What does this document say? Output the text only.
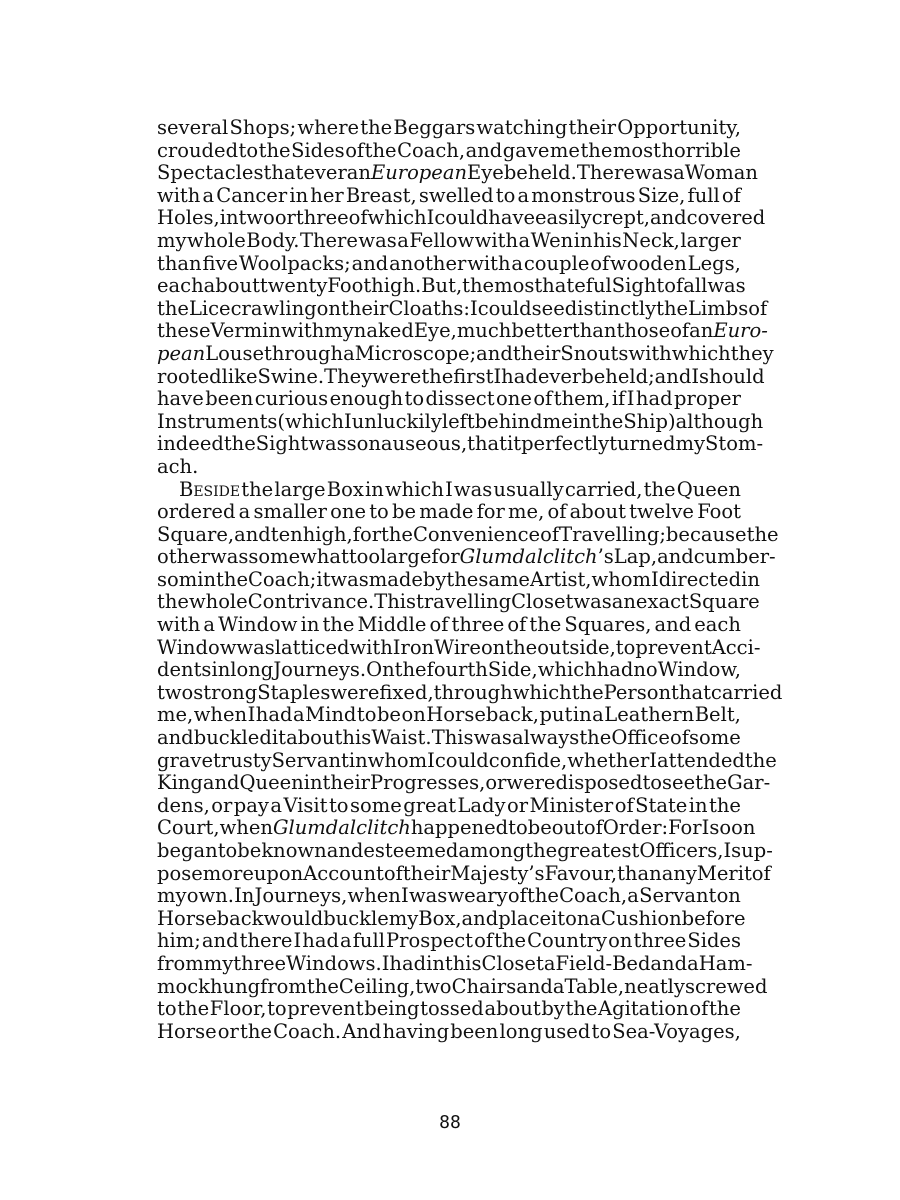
several Shops; where the Beggars watching their Opportunity,
crouded to the Sides of the Coach, and gave me the most horrible
Spectacles that ever an European Eye beheld. There was a Woman
with a Cancer in her Breast, swelled to a monstrous Size, full of
Holes, in two or three of which I could have easily crept, and covered
my whole Body. There was a Fellow with a Wen in his Neck, larger
than five Woolpacks; and another with a couple of wooden Legs,
each about twenty Foot high. But, the most hateful Sight of all was
the Lice crawling on their Cloaths: I could see distinctly the Limbs of
these Vermin with my naked Eye, much better than those of an Euro-
pean Louse through a Microscope; and their Snouts with which they
rooted like Swine. They were the first I had ever beheld; and I should
have been curious enough to dissect one of them, if I had proper
Instruments (which I unluckily left behind me in the Ship) although
indeed the Sight was so nauseous, that it perfectly turned my Stom-
ach.
Beside the large Box in which I was usually carried, the Queen
ordered a smaller one to be made for me, of about twelve Foot
Square, and ten high, for the Convenience of Travelling; because the
other was somewhat too large for Glumdalclitch’s Lap, and cumber-
som in the Coach; it was made by the same Artist, whom I directed in
the whole Contrivance. This travelling Closet was an exact Square
with a Window in the Middle of three of the Squares, and each
Window was latticed with Iron Wire on the outside, to prevent Acci-
dents in long Journeys. On the fourth Side, which had no Window,
two strong Staples were fixed, through which the Person that carried
me, when I had a Mind to be on Horseback, put in a Leathern Belt,
and buckled it about his Waist. This was always the Office of some
grave trusty Servant in whom I could confide, whether I attended the
King and Queen in their Progresses, or were disposed to see the Gar-
dens, or pay a Visit to some great Lady or Minister of State in the
Court, when Glumdalclitch happened to be out of Order: For I soon
began to be known and esteemed among the greatest Officers, I sup-
pose more upon Account of their Majesty’s Favour, than any Merit of
my own. In Journeys, when I was weary of the Coach, a Servant on
Horseback would buckle my Box, and place it on a Cushion before
him; and there I had a full Prospect of the Country on three Sides
from my three Windows. I had in this Closet a Field-Bed and a Ham-
mock hung from the Ceiling, two Chairs and a Table, neatly screwed
to the Floor, to prevent being tossed about by the Agitation of the
Horse or the Coach. And having been long used to Sea-Voyages,
88
